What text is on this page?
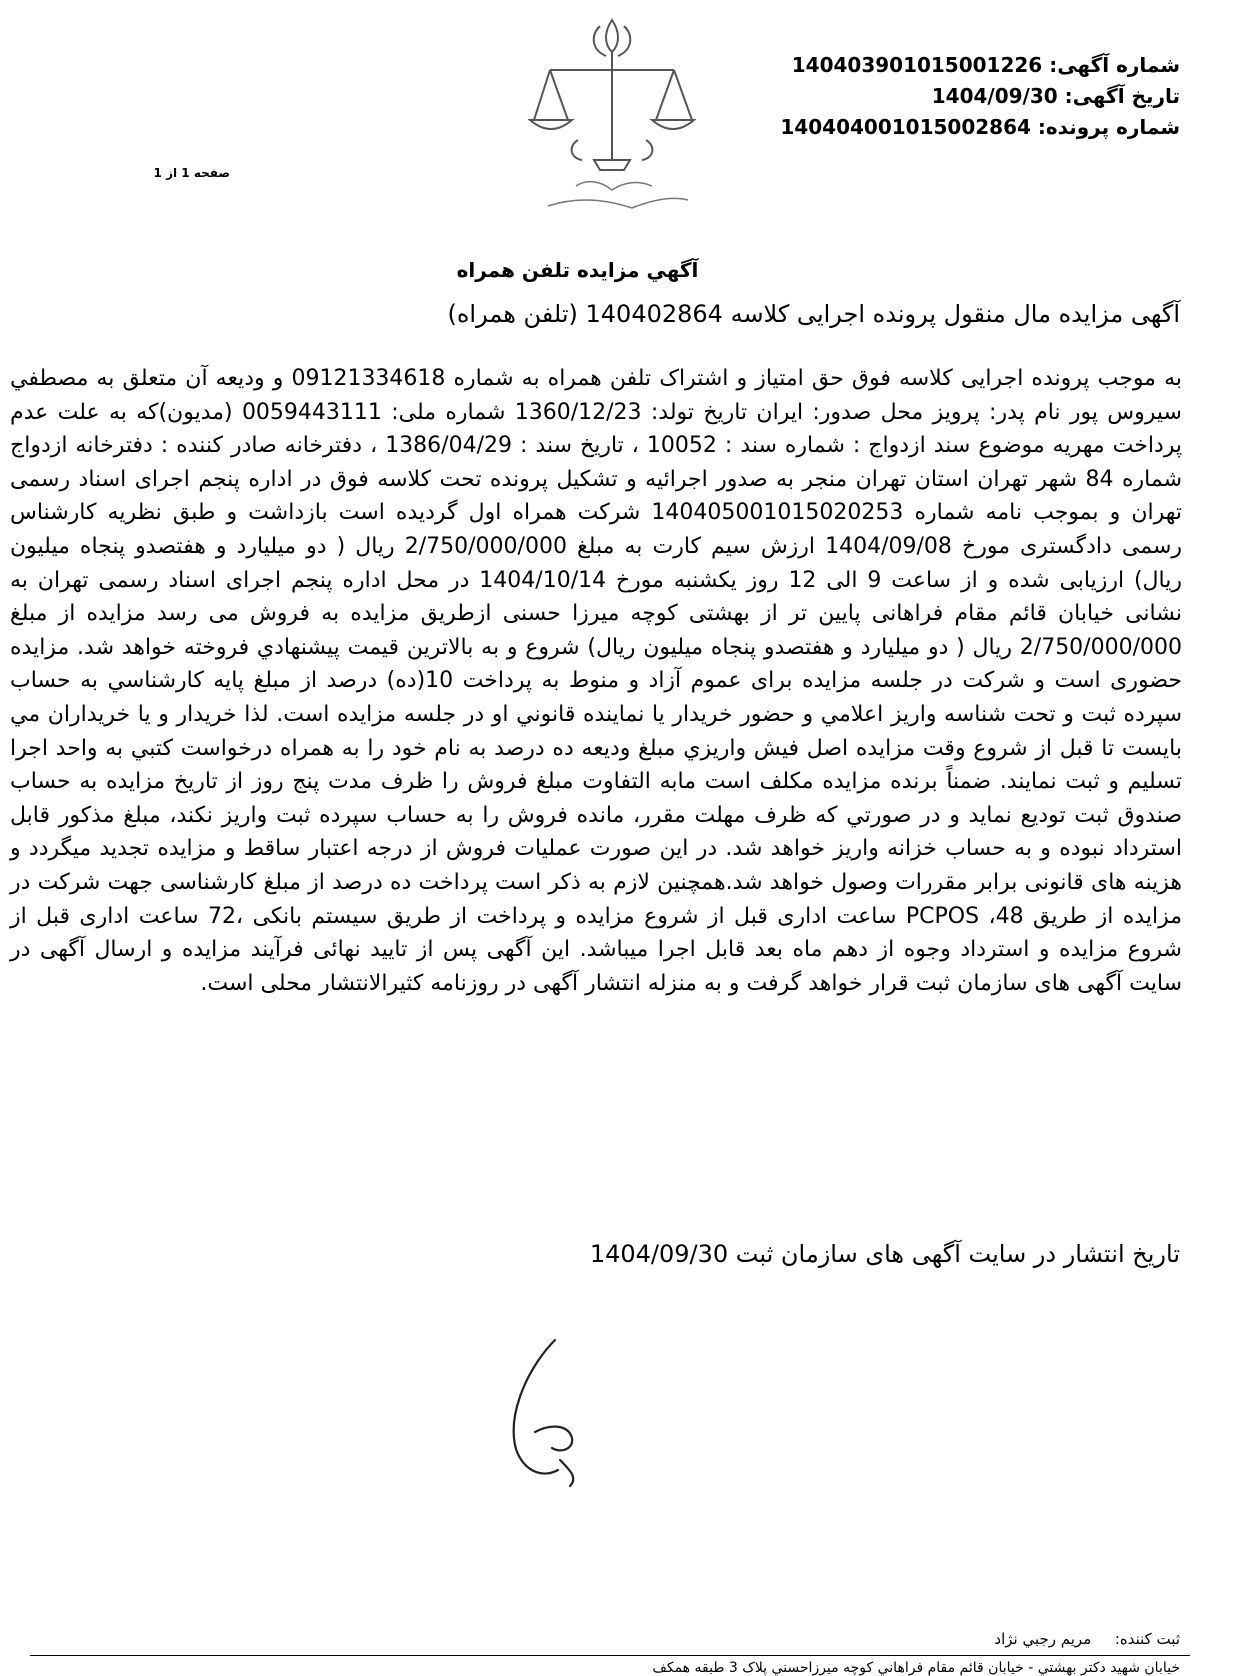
شماره آگهی: 140403901015001226
تاریخ آگهی: 1404/09/30
شماره پرونده: 140404001015002864
صفحه 1 از 1
آگهي مزايده تلفن همراه
آگهی مزایده مال منقول پرونده اجرایی کلاسه 140402864 (تلفن همراه)
به موجب پرونده اجرایی کلاسه فوق حق امتیاز و اشتراک تلفن همراه به شماره 09121334618 و ودیعه آن متعلق به مصطفي سيروس پور نام پدر: پرويز محل صدور: ايران تاريخ تولد: 1360/12/23 شماره ملی: 0059443111 (مديون)که به علت عدم پرداخت مهریه موضوع سند ازدواج : شماره سند : 10052 ، تاریخ سند : 1386/04/29 ، دفترخانه صادر کننده : دفترخانه ازدواج شماره 84 شهر تهران استان تهران منجر به صدور اجرائیه و تشکیل پرونده تحت کلاسه فوق در اداره پنجم اجرای اسناد رسمی تهران و بموجب نامه شماره 140405001015020253 شرکت همراه اول گردیده است بازداشت و طبق نظریه کارشناس رسمی دادگستری مورخ 1404/09/08 ارزش سیم کارت به مبلغ 2/750/000/000 ریال ( دو میلیارد و هفتصدو پنجاه میلیون ریال) ارزیابی شده و از ساعت 9 الی 12 روز یکشنبه مورخ 1404/10/14 در محل اداره پنجم اجرای اسناد رسمی تهران به نشانی خیابان قائم مقام فراهانی پایین تر از بهشتی کوچه میرزا حسنی ازطریق مزایده به فروش می رسد مزایده از مبلغ 2/750/000/000 ریال ( دو میلیارد و هفتصدو پنجاه میلیون ریال) شروع و به بالاترين قيمت پيشنهادي فروخته خواهد شد. مزایده حضوری است و شرکت در جلسه مزایده برای عموم آزاد و منوط به پرداخت 10(ده) درصد از مبلغ پايه كارشناسي به حساب سپرده ثبت و تحت شناسه واريز اعلامي و حضور خريدار يا نماينده قانوني او در جلسه مزايده است. لذا خريدار و يا خريداران مي بايست تا قبل از شروع وقت مزايده اصل فيش واريزي مبلغ وديعه ده درصد به نام خود را به همراه درخواست كتبي به واحد اجرا تسليم و ثبت نمايند. ضمناً برنده مزایده مکلف است مابه التفاوت مبلغ فروش را ظرف مدت پنج روز از تاریخ مزایده به حساب صندوق ثبت توديع نمايد و در صورتي كه ظرف مهلت مقرر، مانده فروش را به حساب سپرده ثبت واريز نكند، مبلغ مذكور قابل استرداد نبوده و به حساب خزانه واريز خواهد شد. در این صورت عملیات فروش از درجه اعتبار ساقط و مزایده تجدید میگردد و هزینه های قانونی برابر مقررات وصول خواهد شد.همچنین لازم به ذکر است پرداخت ده درصد از مبلغ کارشناسی جهت شرکت در مزایده از طریق 48، PCPOS ساعت اداری قبل از شروع مزایده و پرداخت از طریق سیستم بانکی ،72 ساعت اداری قبل از شروع مزایده و استرداد وجوه از دهم ماه بعد قابل اجرا میباشد. این آگهی پس از تایید نهائی فرآیند مزایده و ارسال آگهی در سایت آگهی های سازمان ثبت قرار خواهد گرفت و به منزله انتشار آگهی در روزنامه کثیرالانتشار محلی است.
تاریخ انتشار در سایت آگهی های سازمان ثبت 1404/09/30
ثبت کننده:  مريم رجبي نژاد
خيابان شهيد دكتر بهشتي - خيابان قائم مقام فراهاني كوچه ميرزاحسني پلاک 3 طبقه همكف
